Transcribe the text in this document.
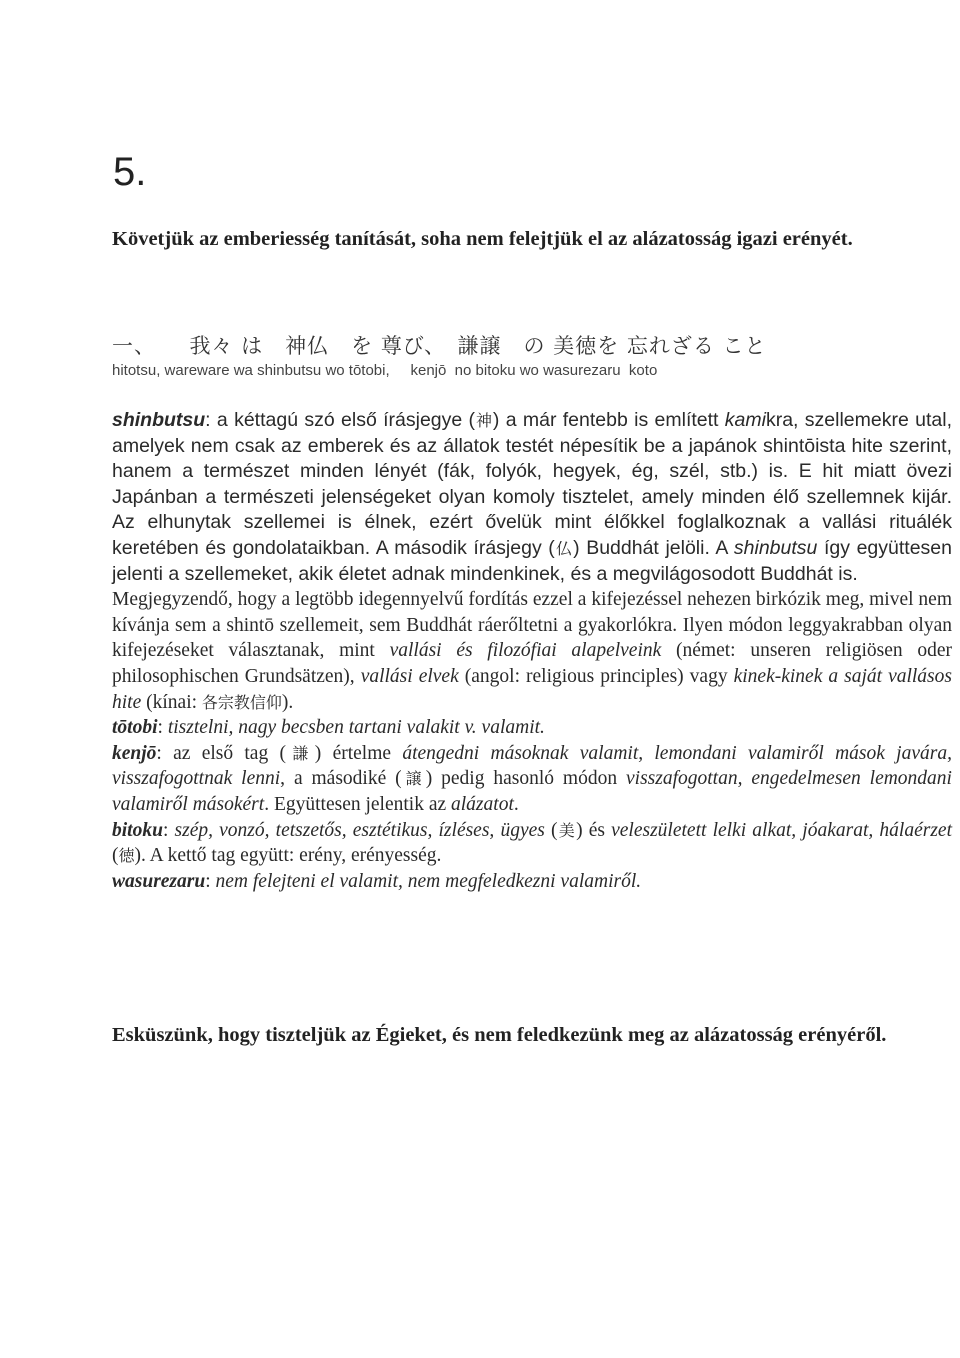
5.
Követjük az emberiesség tanítását, soha nem felejtjük el az alázatosság igazi erényét.
一、　　我々 は　神仏　を 尊び、　謙譲　の 美徳を 忘れざる こと
hitotsu, wareware wa shinbutsu wo tōtobi,     kenjō  no bitoku wo wasurezaru  koto

shinbutsu: a kéttagú szó első írásjegye (神) a már fentebb is említett kamikra, szellemekre utal, amelyek nem csak az emberek és az állatok testét népesítik be a japánok shintōista hite szerint, hanem a természet minden lényét (fák, folyók, hegyek, ég, szél, stb.) is. E hit miatt övezi Japánban a természeti jelenségeket olyan komoly tisztelet, amely minden élő szellemnek kijár. Az elhunytak szellemei is élnek, ezért ővelük mint élőkkel foglalkoznak a vallási rituálék keretében és gondolataikban. A második írásjegy (仏) Buddhát jelöli. A shinbutsu így együttesen jelenti a szellemeket, akik életet adnak mindenkinek, és a megvilágosodott Buddhát is.

Megjegyzendő, hogy a legtöbb idegennyelvű fordítás ezzel a kifejezéssel nehezen birkózik meg, mivel nem kívánja sem a shintō szellemeit, sem Buddhát ráerőltetni a gyakorlókra. Ilyen módon leggyakrabban olyan kifejezéseket választanak, mint vallási és filozófiai alapelveink (német: unseren religiösen oder philosophischen Grundsätzen), vallási elvek (angol: religious principles) vagy kinek-kinek a saját vallásos hite (kínai: 各宗教信仰).

tōtobi: tisztelni, nagy becsben tartani valakit v. valamit.

kenjō: az első tag (謙) értelme átengedni másoknak valamit, lemondani valamiről mások javára, visszafogottnak lenni, a másodiké (譲) pedig hasonló módon visszafogottan, engedelmesen lemondani valamiről másokért. Együttesen jelentik az alázatot.

bitoku: szép, vonzó, tetszetős, esztétikus, ízléses, ügyes (美) és veleszületett lelki alkat, jóakarat, hálaérzet (徳). A kettő tag együtt: erény, erényesség.

wasurezaru: nem felejteni el valamit, nem megfeledkezni valamiről.

Esküszünk, hogy tiszteljük az Égieket, és nem feledkezünk meg az alázatosság erényéről.
